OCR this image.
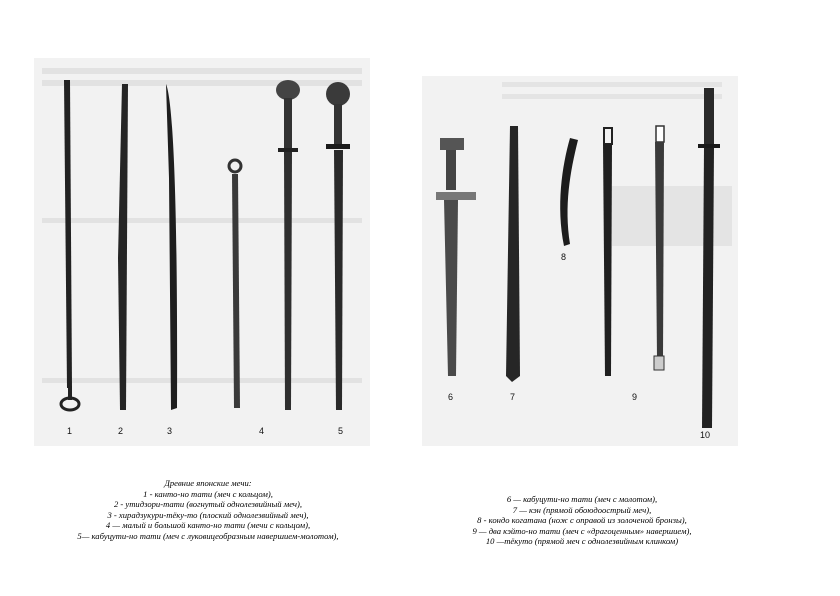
1	2	3	4	5
6	7
8
9
10
Древние японские мечи:
1 - канто-но тати (меч с кольцом),
2 - утидзори-тати (вогнутый однолезвийный меч),
3 - хирадзукури-тёку-то (плоский однолезвийный меч),
4 — малый и большой канто-но тати (мечи с кольцом),
5— кабуцути-но тати (меч с луковицеобразным навершием-молотом),
6 — кабуцути-но тати (меч с молотом),
7 — кэн (прямой обоюдоострый меч),
8 - кондо когатана (нож с оправой из золоченой бронзы),
9 — два кэйто-но тати (меч с «драгоценным» навершием),
10 —тёкуто (прямой меч с однолезвийным клинком)
